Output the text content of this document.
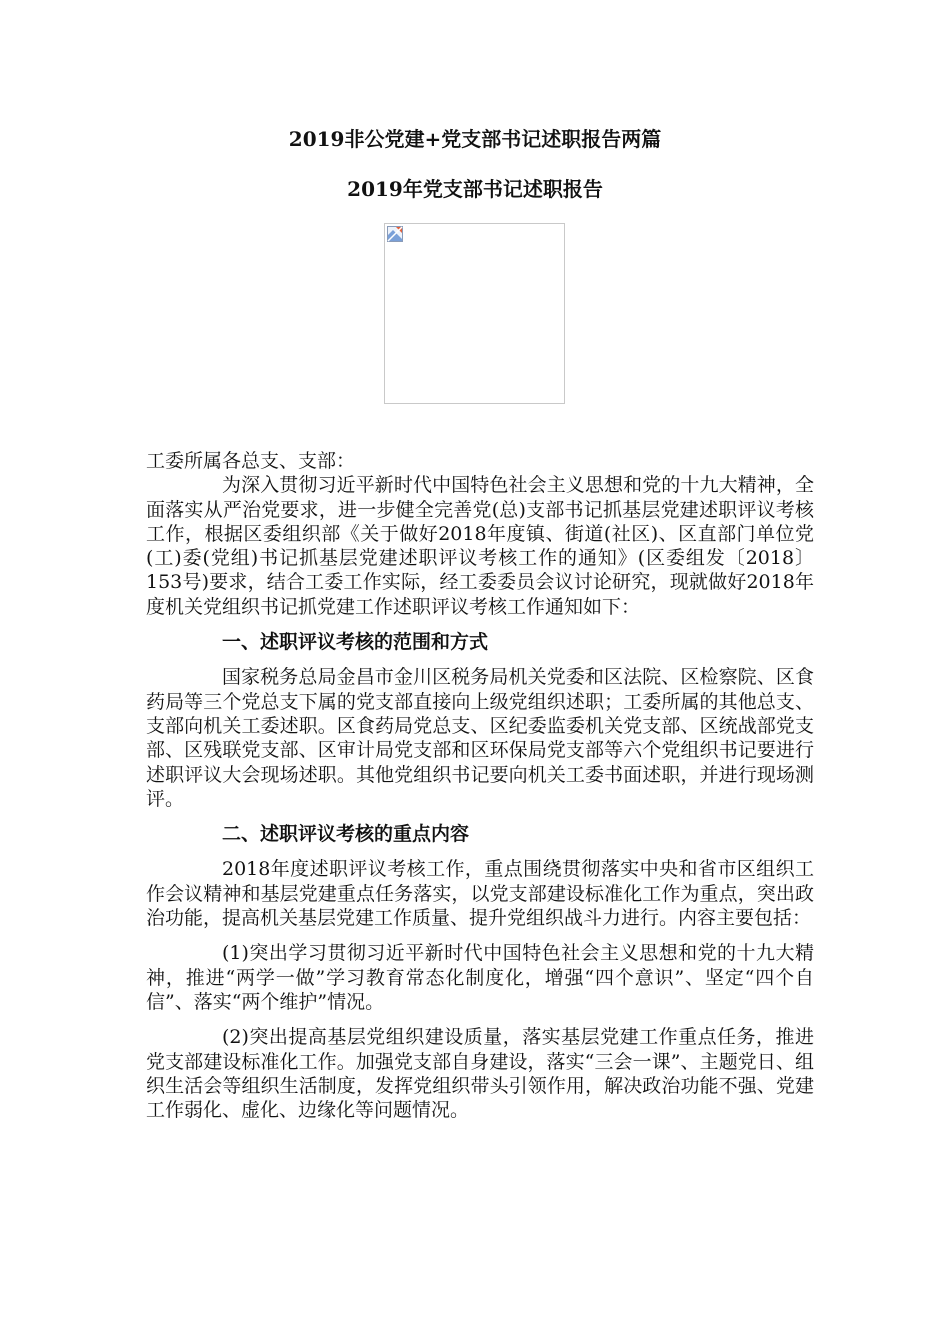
2019非公党建+党支部书记述职报告两篇
2019年党支部书记述职报告

工委所属各总支、支部：

为深入贯彻习近平新时代中国特色社会主义思想和党的十九大精神，全面落实从严治党要求，进一步健全完善党(总)支部书记抓基层党建述职评议考核工作，根据区委组织部《关于做好2018年度镇、街道(社区)、区直部门单位党(工)委(党组)书记抓基层党建述职评议考核工作的通知》(区委组发〔2018〕153号)要求，结合工委工作实际，经工委委员会议讨论研究，现就做好2018年度机关党组织书记抓党建工作述职评议考核工作通知如下：

一、述职评议考核的范围和方式

国家税务总局金昌市金川区税务局机关党委和区法院、区检察院、区食药局等三个党总支下属的党支部直接向上级党组织述职；工委所属的其他总支、支部向机关工委述职。区食药局党总支、区纪委监委机关党支部、区统战部党支部、区残联党支部、区审计局党支部和区环保局党支部等六个党组织书记要进行述职评议大会现场述职。其他党组织书记要向机关工委书面述职，并进行现场测评。

二、述职评议考核的重点内容

2018年度述职评议考核工作，重点围绕贯彻落实中央和省市区组织工作会议精神和基层党建重点任务落实，以党支部建设标准化工作为重点，突出政治功能，提高机关基层党建工作质量、提升党组织战斗力进行。内容主要包括：

(1)突出学习贯彻习近平新时代中国特色社会主义思想和党的十九大精神，推进“两学一做”学习教育常态化制度化，增强“四个意识”、坚定“四个自信”、落实“两个维护”情况。

(2)突出提高基层党组织建设质量，落实基层党建工作重点任务，推进党支部建设标准化工作。加强党支部自身建设，落实“三会一课”、主题党日、组织生活会等组织生活制度，发挥党组织带头引领作用，解决政治功能不强、党建工作弱化、虚化、边缘化等问题情况。
